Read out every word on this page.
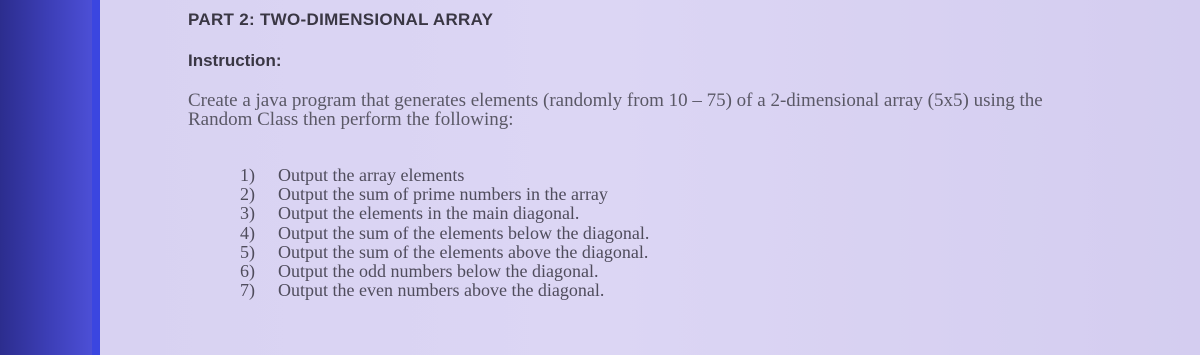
PART 2: TWO-DIMENSIONAL ARRAY
Instruction:
Create a java program that generates elements (randomly from 10 – 75) of a 2-dimensional array (5x5) using the Random Class then perform the following:
1)	Output the array elements
2)	Output the sum of prime numbers in the array
3)	Output the elements in the main diagonal.
4)	Output the sum of the elements below the diagonal.
5)	Output the sum of the elements above the diagonal.
6)	Output the odd numbers below the diagonal.
7)	Output the even numbers above the diagonal.
